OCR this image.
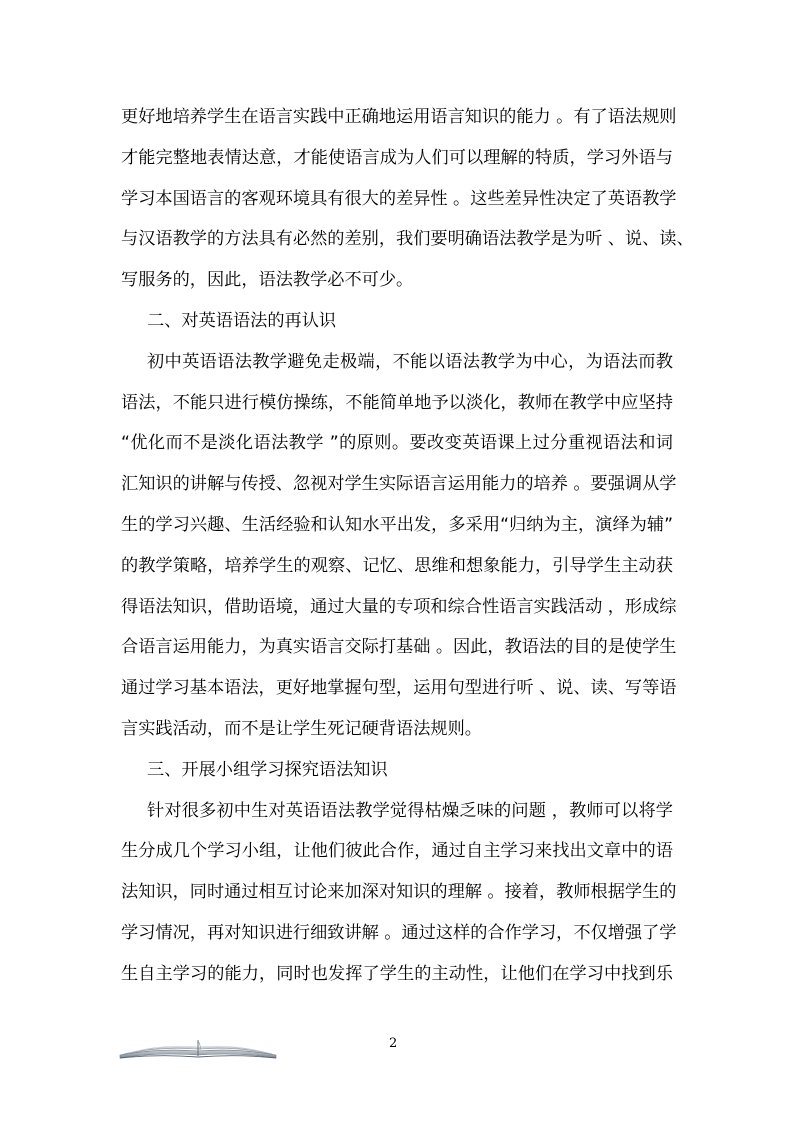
更好地培养学生在语言实践中正确地运用语言知识的能力 。有了语法规则
才能完整地表情达意，才能使语言成为人们可以理解的特质，学习外语与
学习本国语言的客观环境具有很大的差异性 。这些差异性决定了英语教学
与汉语教学的方法具有必然的差别，我们要明确语法教学是为听 、说、读、
写服务的，因此，语法教学必不可少。
二、对英语语法的再认识
初中英语语法教学避免走极端，不能以语法教学为中心，为语法而教
语法，不能只进行模仿操练，不能简单地予以淡化，教师在教学中应坚持
“优化而不是淡化语法教学 ”的原则。要改变英语课上过分重视语法和词
汇知识的讲解与传授、忽视对学生实际语言运用能力的培养 。要强调从学
生的学习兴趣、生活经验和认知水平出发，多采用“归纳为主，演绎为辅”
的教学策略，培养学生的观察、记忆、思维和想象能力，引导学生主动获
得语法知识，借助语境，通过大量的专项和综合性语言实践活动 ，形成综
合语言运用能力，为真实语言交际打基础 。因此，教语法的目的是使学生
通过学习基本语法，更好地掌握句型，运用句型进行听 、说、读、写等语
言实践活动，而不是让学生死记硬背语法规则。
三、开展小组学习探究语法知识
针对很多初中生对英语语法教学觉得枯燥乏味的问题 ，教师可以将学
生分成几个学习小组，让他们彼此合作，通过自主学习来找出文章中的语
法知识，同时通过相互讨论来加深对知识的理解 。接着，教师根据学生的
学习情况，再对知识进行细致讲解 。通过这样的合作学习，不仅增强了学
生自主学习的能力，同时也发挥了学生的主动性，让他们在学习中找到乐
2
